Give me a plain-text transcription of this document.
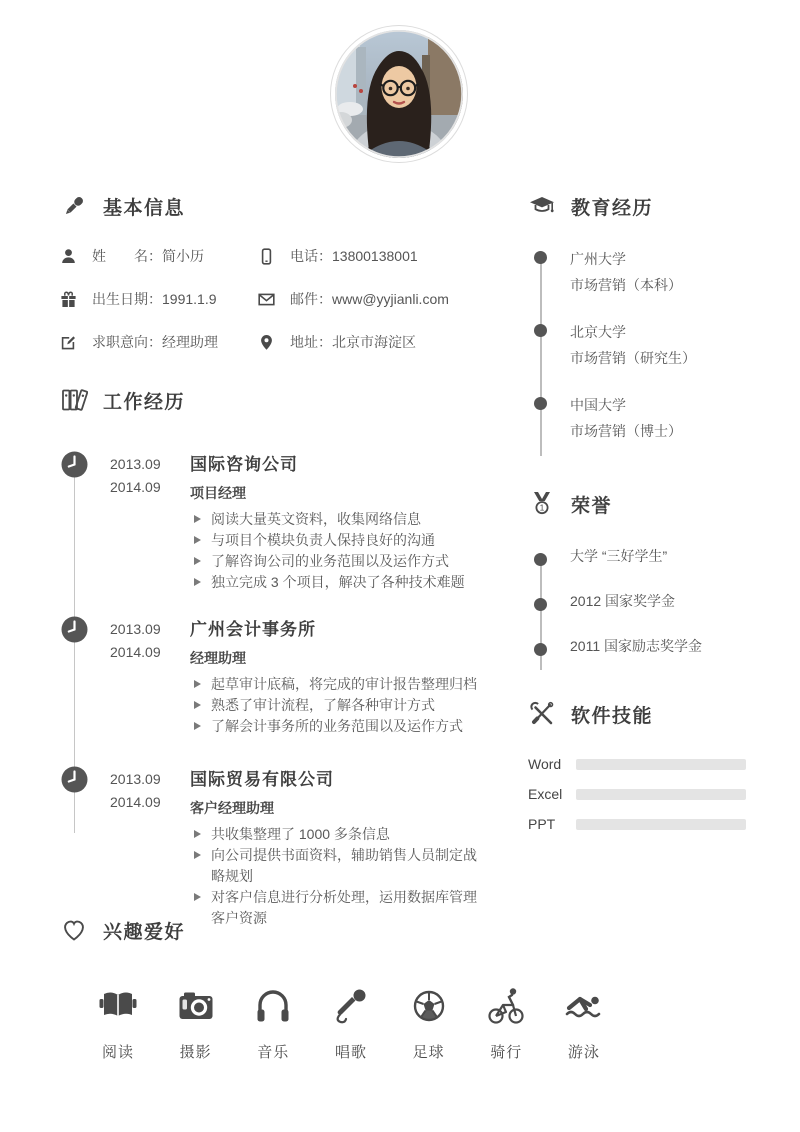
基本信息
姓　　名：简小历	电话：13800138001
出生日期：1991.1.9	邮件：www@yyjianli.com
求职意向：经理助理	地址：北京市海淀区
工作经历
2013.09
2014.09
国际咨询公司
项目经理
阅读大量英文资料，收集网络信息
与项目个模块负责人保持良好的沟通
了解咨询公司的业务范围以及运作方式
独立完成 3 个项目，解决了各种技术难题
2013.09
2014.09
广州会计事务所
经理助理
起草审计底稿，将完成的审计报告整理归档
熟悉了审计流程，了解各种审计方式
了解会计事务所的业务范围以及运作方式
2013.09
2014.09
国际贸易有限公司
客户经理助理
共收集整理了 1000 多条信息
向公司提供书面资料，辅助销售人员制定战略规划
对客户信息进行分析处理，运用数据库管理客户资源
教育经历
广州大学
市场营销（本科）
北京大学
市场营销（研究生）
中国大学
市场营销（博士）
1 荣誉
大学 “三好学生”
2012 国家奖学金
2011 国家励志奖学金
软件技能
Word
Excel
PPT
兴趣爱好
阅读	摄影	音乐	唱歌	足球	骑行	游泳
